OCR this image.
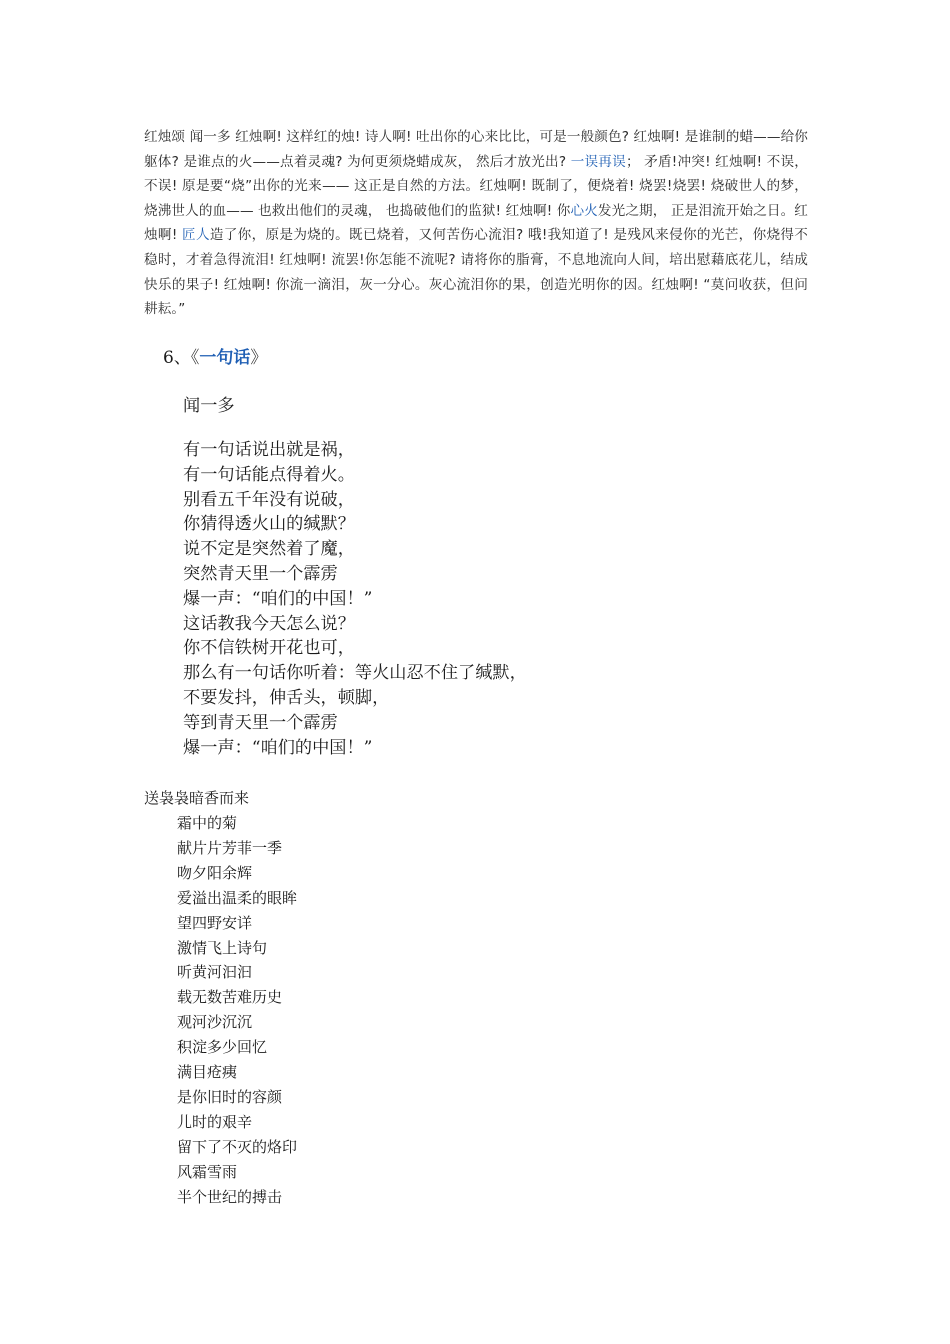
红烛颂 闻一多 红烛啊! 这样红的烛! 诗人啊! 吐出你的心来比比，可是一般颜色? 红烛啊! 是谁制的蜡——给你躯体? 是谁点的火——点着灵魂? 为何更须烧蜡成灰， 然后才放光出? 一误再误； 矛盾!冲突! 红烛啊! 不误，不误! 原是要“烧”出你的光来—— 这正是自然的方法。红烛啊! 既制了，便烧着! 烧罢!烧罢! 烧破世人的梦， 烧沸世人的血—— 也救出他们的灵魂， 也捣破他们的监狱! 红烛啊! 你心火发光之期， 正是泪流开始之日。红烛啊! 匠人造了你，原是为烧的。既已烧着，又何苦伤心流泪? 哦!我知道了! 是残风来侵你的光芒，你烧得不稳时，才着急得流泪! 红烛啊! 流罢!你怎能不流呢? 请将你的脂膏，不息地流向人间，培出慰藉底花儿，结成快乐的果子! 红烛啊! 你流一滴泪，灰一分心。灰心流泪你的果，创造光明你的因。红烛啊! “莫问收获，但问耕耘。”
6、《一句话》
闻一多
有一句话说出就是祸，
有一句话能点得着火。
别看五千年没有说破，
你猜得透火山的缄默？
说不定是突然着了魔，
突然青天里一个霹雳
爆一声：“咱们的中国！”
这话教我今天怎么说？
你不信铁树开花也可，
那么有一句话你听着：等火山忍不住了缄默，
不要发抖，伸舌头，顿脚，
等到青天里一个霹雳
爆一声：“咱们的中国！”
送袅袅暗香而来
霜中的菊
献片片芳菲一季
吻夕阳余辉
爱溢出温柔的眼眸
望四野安详
激情飞上诗句
听黄河汩汩
载无数苦难历史
观河沙沉沉
积淀多少回忆
满目疮痍
是你旧时的容颜
儿时的艰辛
留下了不灭的烙印
风霜雪雨
半个世纪的搏击
